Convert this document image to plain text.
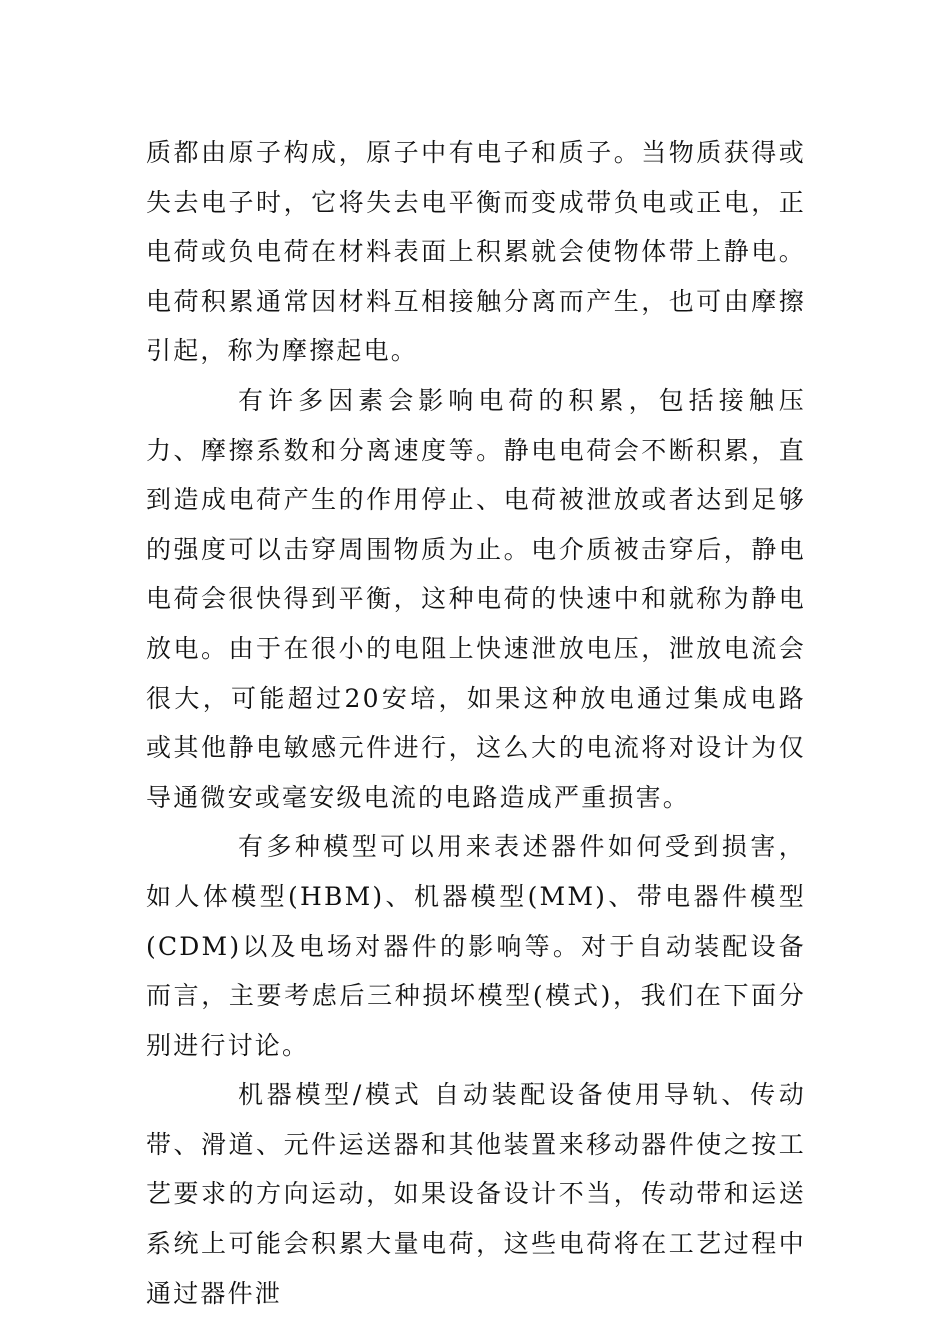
质都由原子构成，原子中有电子和质子。当物质获得或失去电子时，它将失去电平衡而变成带负电或正电，正电荷或负电荷在材料表面上积累就会使物体带上静电。电荷积累通常因材料互相接触分离而产生，也可由摩擦引起，称为摩擦起电。

有许多因素会影响电荷的积累，包括接触压力、摩擦系数和分离速度等。静电电荷会不断积累，直到造成电荷产生的作用停止、电荷被泄放或者达到足够的强度可以击穿周围物质为止。电介质被击穿后，静电电荷会很快得到平衡，这种电荷的快速中和就称为静电放电。由于在很小的电阻上快速泄放电压，泄放电流会很大，可能超过20安培，如果这种放电通过集成电路或其他静电敏感元件进行，这么大的电流将对设计为仅导通微安或毫安级电流的电路造成严重损害。

有多种模型可以用来表述器件如何受到损害，如人体模型(HBM)、机器模型(MM)、带电器件模型(CDM)以及电场对器件的影响等。对于自动装配设备而言，主要考虑后三种损坏模型(模式)，我们在下面分别进行讨论。

机器模型/模式 自动装配设备使用导轨、传动带、滑道、元件运送器和其他装置来移动器件使之按工艺要求的方向运动，如果设备设计不当，传动带和运送系统上可能会积累大量电荷，这些电荷将在工艺过程中通过器件泄
